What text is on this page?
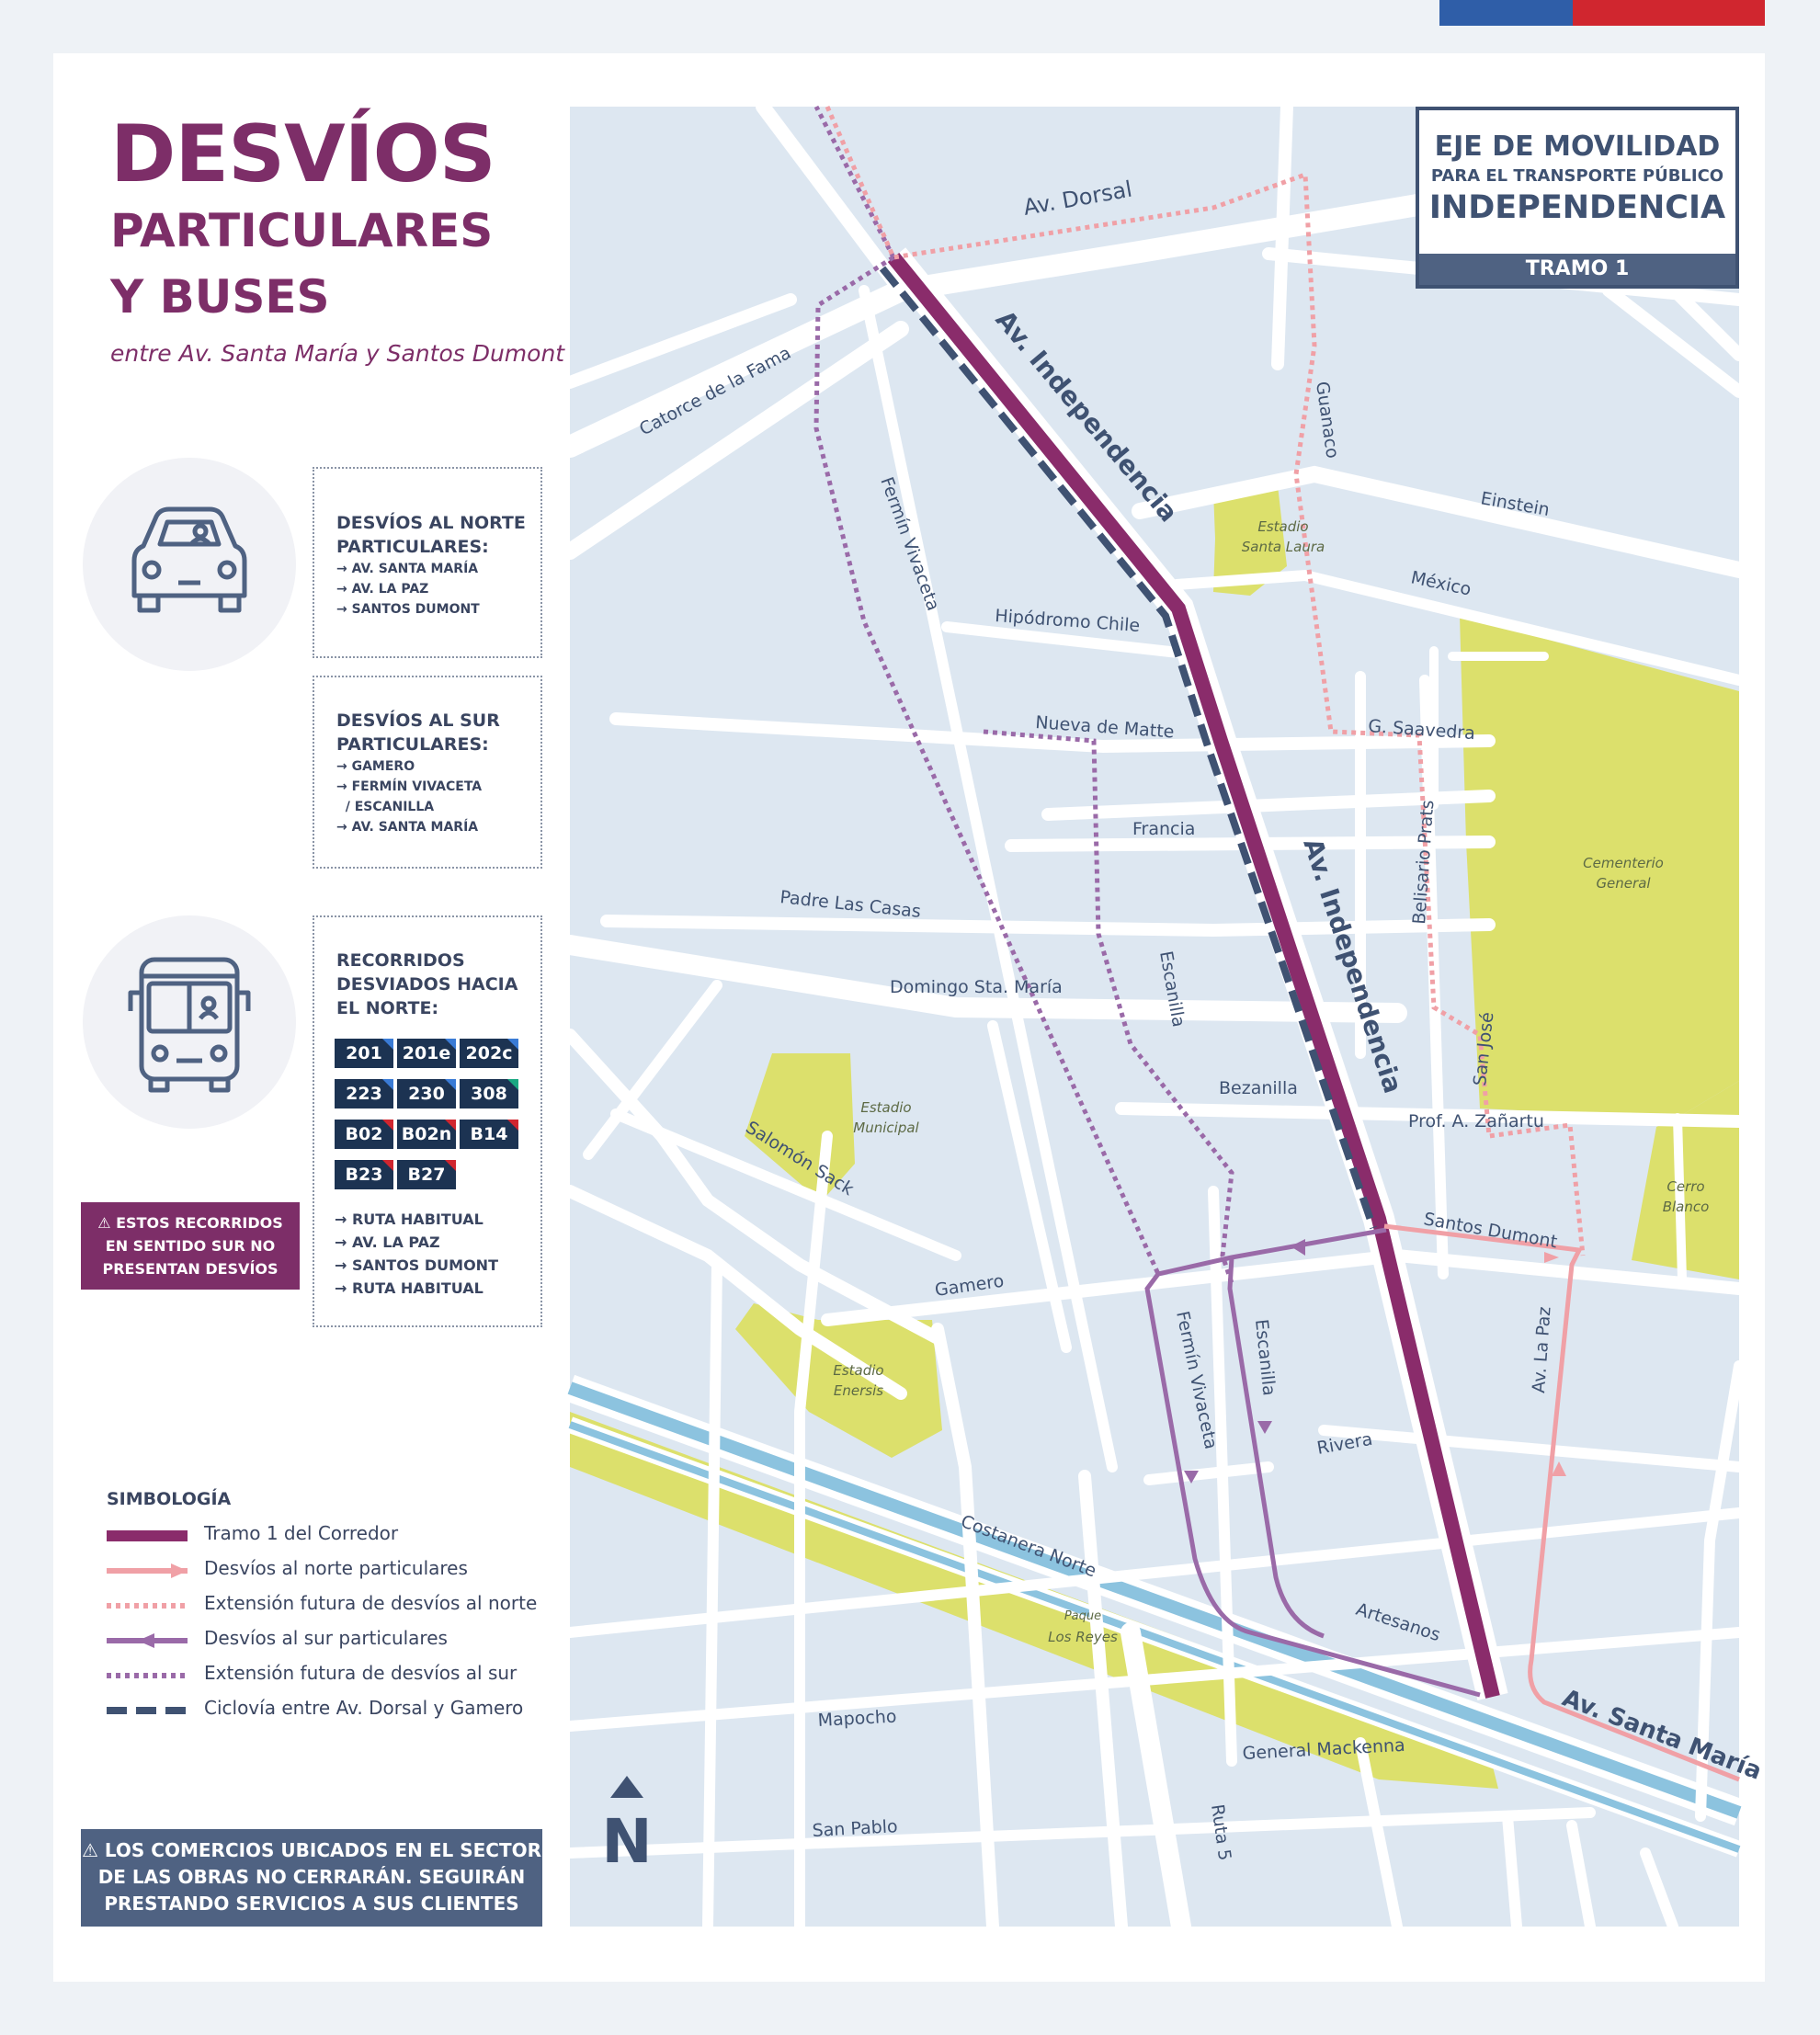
DESVÍOS
PARTICULARES
Y BUSES
entre Av. Santa María y Santos Dumont
DESVÍOS AL NORTE
PARTICULARES:
→ AV. SANTA MARÍA
→ AV. LA PAZ
→ SANTOS DUMONT
DESVÍOS AL SUR
PARTICULARES:
→ GAMERO
→ FERMÍN VIVACETA
/ ESCANILLA
→ AV. SANTA MARÍA
RECORRIDOS
DESVIADOS HACIA
EL NORTE:
201	201e 202c
223	230	308
B02	B02n	B14
B23	B27
→ RUTA HABITUAL
→ AV. LA PAZ
→ SANTOS DUMONT
→ RUTA HABITUAL
⚠ ESTOS RECORRIDOS
EN SENTIDO SUR NO
PRESENTAN DESVÍOS
SIMBOLOGÍA
Tramo 1 del Corredor
Desvíos al norte particulares
Extensión futura de desvíos al norte
Desvíos al sur particulares
Extensión futura de desvíos al sur
Ciclovía entre Av. Dorsal y Gamero
⚠ LOS COMERCIOS UBICADOS EN EL SECTOR
DE LAS OBRAS NO CERRARÁN. SEGUIRÁN
PRESTANDO SERVICIOS A SUS CLIENTES
Av. Dorsal
Av. Independencia
Av. Independencia
Catorce de la Fama	Guanaco
Einstein
México
Fermín Vivaceta
Hipódromo Chile
Nueva de Matte	G. Saavedra
Francia	Belisario Prats
Padre Las Casas
Domingo Sta. María	Escanilla
San José
Bezanilla
Prof. A. Zañartu
Salomón Sack
Santos Dumont
Gamero
Fermín Vivaceta Escanilla	Av. La Paz
Rivera
Costanera Norte
Artesanos
Av. Santa María
Mapocho
General Mackenna
San Pablo	Ruta 5
Estadio
Santa Laura
Cementerio
General
Estadio
Municipal
Cerro
Blanco
Estadio
Enersis
Paque
Los Reyes
N
EJE DE MOVILIDAD
PARA EL TRANSPORTE PÚBLICO
INDEPENDENCIA
TRAMO 1
